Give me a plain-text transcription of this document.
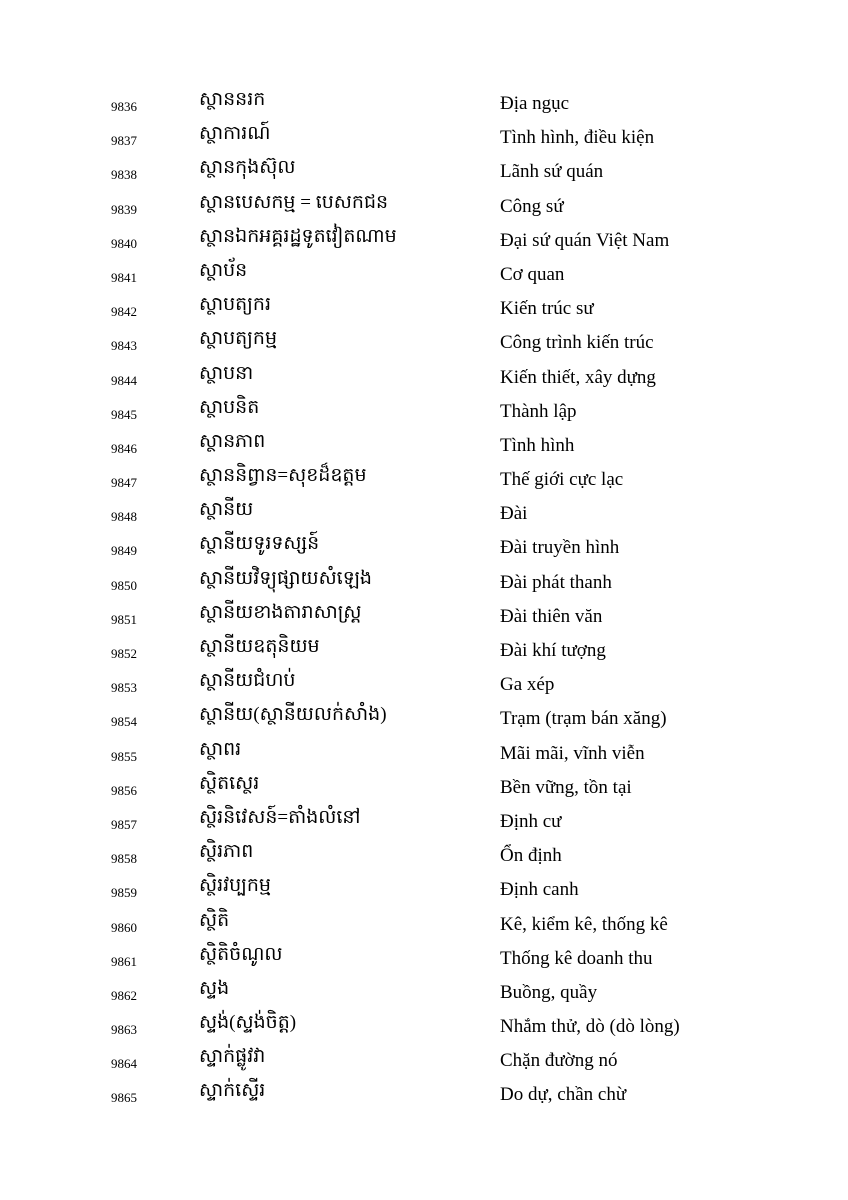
9836	ស្ថាននរក	Địa ngục
9837	ស្ថាការណ៍	Tình hình, điều kiện
9838	ស្ថានកុងស៊ុល	Lãnh sứ quán
9839	ស្ថានបេសកម្ម = បេសកជន	Công sứ
9840	ស្ថានឯកអគ្គរដ្ឋទូតវៀតណាម	Đại sứ quán Việt Nam
9841	ស្ថាប័ន	Cơ quan
9842	ស្ថាបត្យករ	Kiến trúc sư
9843	ស្ថាបត្យកម្ម	Công trình kiến trúc
9844	ស្ថាបនា	Kiến thiết, xây dựng
9845	ស្ថាបនិត	Thành lập
9846	ស្ថានភាព	Tình hình
9847	ស្ថាននិព្វាន=សុខដ៏ឧត្តម	Thế giới cực lạc
9848	ស្ថានីយ	Đài
9849	ស្ថានីយទូរទស្សន៍	Đài truyền hình
9850	ស្ថានីយវិទ្យុផ្សាយសំឡេង	Đài phát thanh
9851	ស្ថានីយខាងតារាសាស្ត្រ	Đài thiên văn
9852	ស្ថានីយឧតុនិយម	Đài khí tượng
9853	ស្ថានីយជំហប់	Ga xép
9854	ស្ថានីយ(ស្ថានីយលក់សាំង)	Trạm (trạm bán xăng)
9855	ស្ថាពរ	Mãi mãi, vĩnh viễn
9856	ស្ថិតស្ថេរ	Bền vững, tồn tại
9857	ស្ថិរនិវេសន៍=តាំងលំនៅ	Định cư
9858	ស្ថិរភាព	Ổn định
9859	ស្ថិរវប្បកម្ម	Định canh
9860	ស្ថិតិ	Kê, kiểm kê, thống kê
9861	ស្ថិតិចំណូល	Thống kê doanh thu
9862	ស្ទង	Buồng, quầy
9863	ស្ទង់(ស្ទង់ចិត្ត)	Nhắm thử, dò (dò lòng)
9864	ស្ទាក់ផ្លូវវា	Chặn đường nó
9865	ស្ទាក់ស្ទើរ	Do dự, chần chừ
